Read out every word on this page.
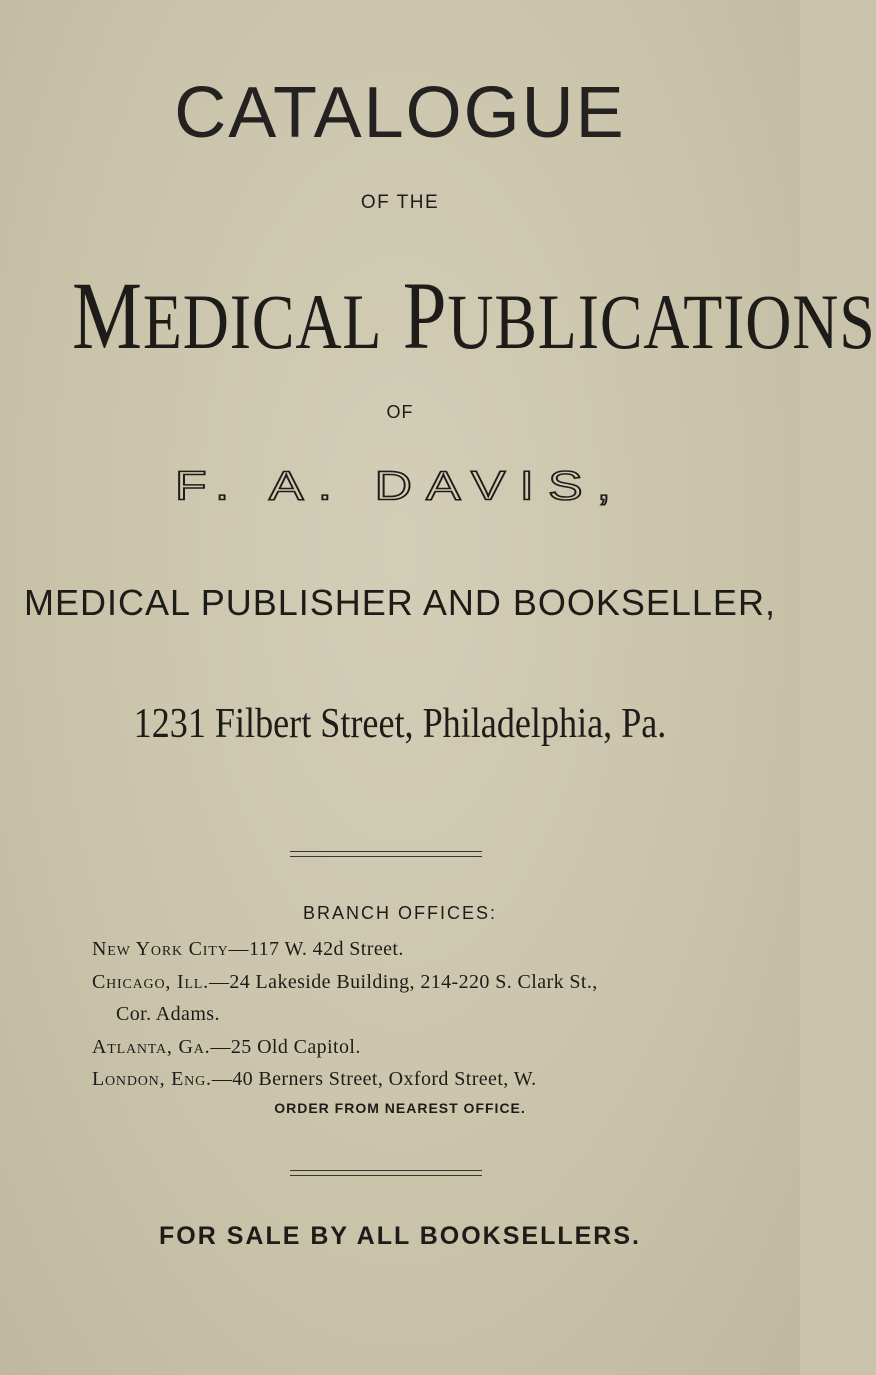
CATALOGUE
OF THE
MEDICAL PUBLICATIONS
OF
F. A. DAVIS,
MEDICAL PUBLISHER AND BOOKSELLER,
1231 Filbert Street, Philadelphia, Pa.
BRANCH OFFICES:
New York City—117 W. 42d Street.
Chicago, Ill.—24 Lakeside Building, 214-220 S. Clark St.,
Cor. Adams.
Atlanta, Ga.—25 Old Capitol.
London, Eng.—40 Berners Street, Oxford Street, W.
ORDER FROM NEAREST OFFICE.
FOR SALE BY ALL BOOKSELLERS.
